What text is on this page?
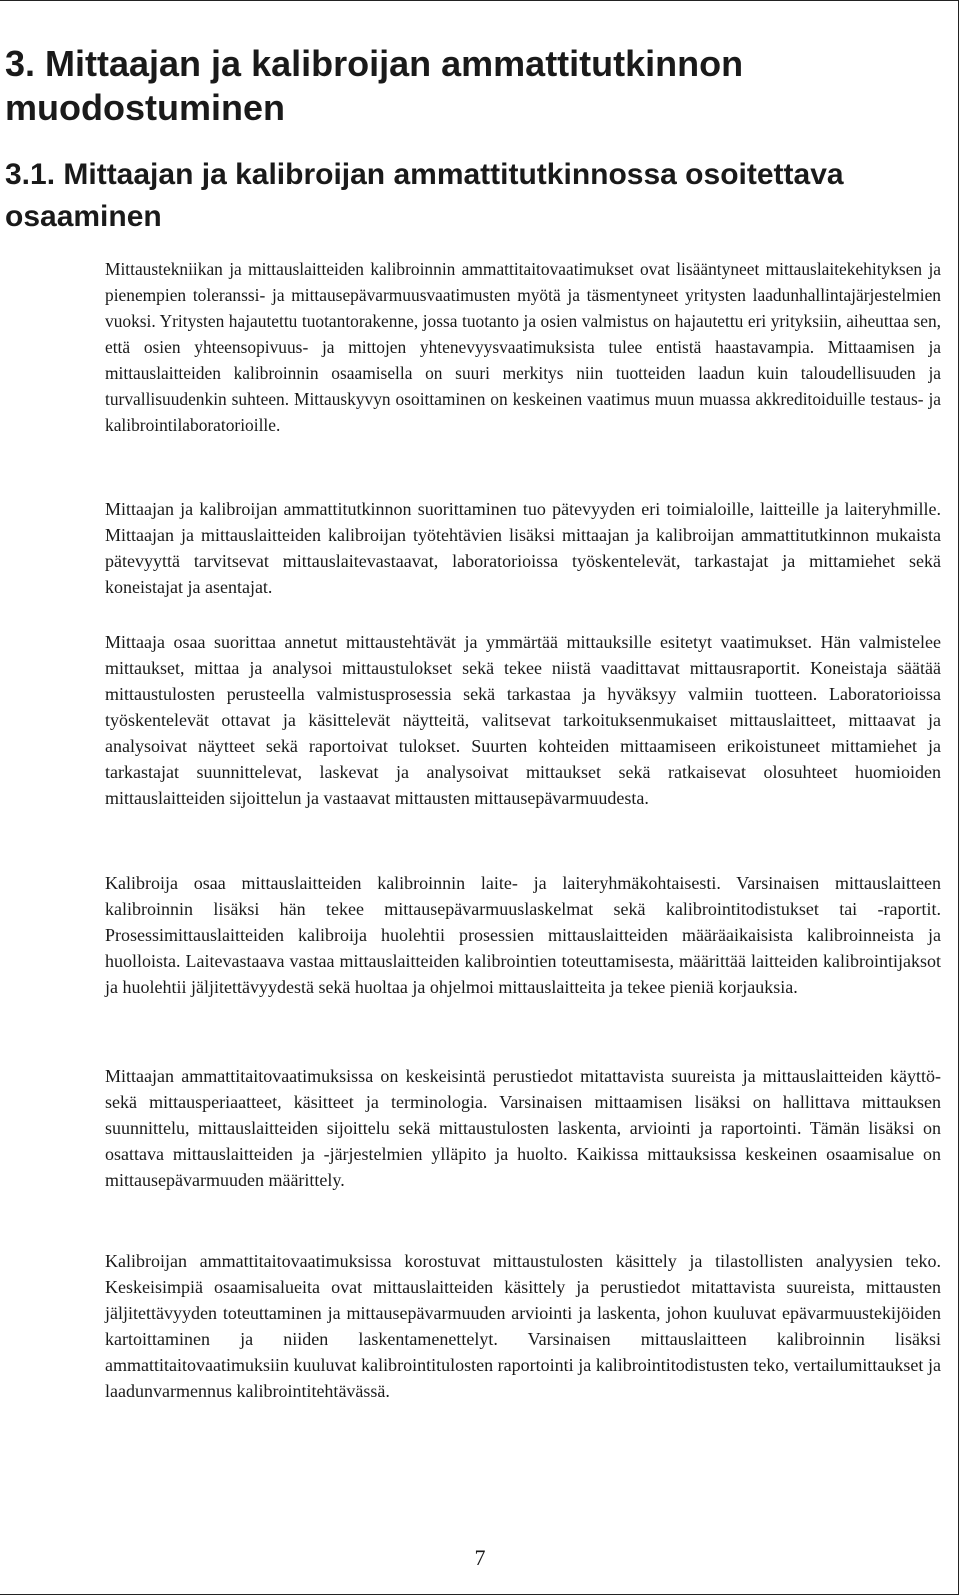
3. Mittaajan ja kalibroijan ammattitutkinnon muodostuminen
3.1. Mittaajan ja kalibroijan ammattitutkinnossa osoitettava osaaminen

Mittaustekniikan ja mittauslaitteiden kalibroinnin ammattitaitovaatimukset ovat lisääntyneet mittauslaitekehityksen ja pienempien toleranssi- ja mittausepävarmuusvaatimusten myötä ja täsmentyneet yritysten laadunhallintajärjestelmien vuoksi. Yritysten hajautettu tuotantorakenne, jossa tuotanto ja osien valmistus on hajautettu eri yrityksiin, aiheuttaa sen, että osien yhteensopivuus- ja mittojen yhtenevyysvaatimuksista tulee entistä haastavampia. Mittaamisen ja mittauslaitteiden kalibroinnin osaamisella on suuri merkitys niin tuotteiden laadun kuin taloudellisuuden ja turvallisuudenkin suhteen. Mittauskyvyn osoittaminen on keskeinen vaatimus muun muassa akkreditoiduille testaus- ja kalibrointilaboratorioille.

Mittaajan ja kalibroijan ammattitutkinnon suorittaminen tuo pätevyyden eri toimialoille, laitteille ja laiteryhmille. Mittaajan ja mittauslaitteiden kalibroijan työtehtävien lisäksi mittaajan ja kalibroijan ammattitutkinnon mukaista pätevyyttä tarvitsevat mittauslaitevastaavat, laboratorioissa työskentelevät, tarkastajat ja mittamiehet sekä koneistajat ja asentajat.

Mittaaja osaa suorittaa annetut mittaustehtävät ja ymmärtää mittauksille esitetyt vaatimukset. Hän valmistelee mittaukset, mittaa ja analysoi mittaustulokset sekä tekee niistä vaadittavat mittausraportit. Koneistaja säätää mittaustulosten perusteella valmistusprosessia sekä tarkastaa ja hyväksyy valmiin tuotteen. Laboratorioissa työskentelevät ottavat ja käsittelevät näytteitä, valitsevat tarkoituksenmukaiset mittauslaitteet, mittaavat ja analysoivat näytteet sekä raportoivat tulokset. Suurten kohteiden mittaamiseen erikoistuneet mittamiehet ja tarkastajat suunnittelevat, laskevat ja analysoivat mittaukset sekä ratkaisevat olosuhteet huomioiden mittauslaitteiden sijoittelun ja vastaavat mittausten mittausepävarmuudesta.

Kalibroija osaa mittauslaitteiden kalibroinnin laite- ja laiteryhmäkohtaisesti. Varsinaisen mittauslaitteen kalibroinnin lisäksi hän tekee mittausepävarmuuslaskelmat sekä kalibrointitodistukset tai -raportit. Prosessimittauslaitteiden kalibroija huolehtii prosessien mittauslaitteiden määräaikaisista kalibroinneista ja huolloista. Laitevastaava vastaa mittauslaitteiden kalibrointien toteuttamisesta, määrittää laitteiden kalibrointijaksot ja huolehtii jäljitettävyydestä sekä huoltaa ja ohjelmoi mittauslaitteita ja tekee pieniä korjauksia.

Mittaajan ammattitaitovaatimuksissa on keskeisintä perustiedot mitattavista suureista ja mittauslaitteiden käyttö- sekä mittausperiaatteet, käsitteet ja terminologia. Varsinaisen mittaamisen lisäksi on hallittava mittauksen suunnittelu, mittauslaitteiden sijoittelu sekä mittaustulosten laskenta, arviointi ja raportointi. Tämän lisäksi on osattava mittauslaitteiden ja -järjestelmien ylläpito ja huolto. Kaikissa mittauksissa keskeinen osaamisalue on mittausepävarmuuden määrittely.

Kalibroijan ammattitaitovaatimuksissa korostuvat mittaustulosten käsittely ja tilastollisten analyysien teko. Keskeisimpiä osaamisalueita ovat mittauslaitteiden käsittely ja perustiedot mitattavista suureista, mittausten jäljitettävyyden toteuttaminen ja mittausepävarmuuden arviointi ja laskenta, johon kuuluvat epävarmuustekijöiden kartoittaminen ja niiden laskentamenettelyt. Varsinaisen mittauslaitteen kalibroinnin lisäksi ammattitaitovaatimuksiin kuuluvat kalibrointitulosten raportointi ja kalibrointitodistusten teko, vertailumittaukset ja laadunvarmennus kalibrointitehtävässä.

7
